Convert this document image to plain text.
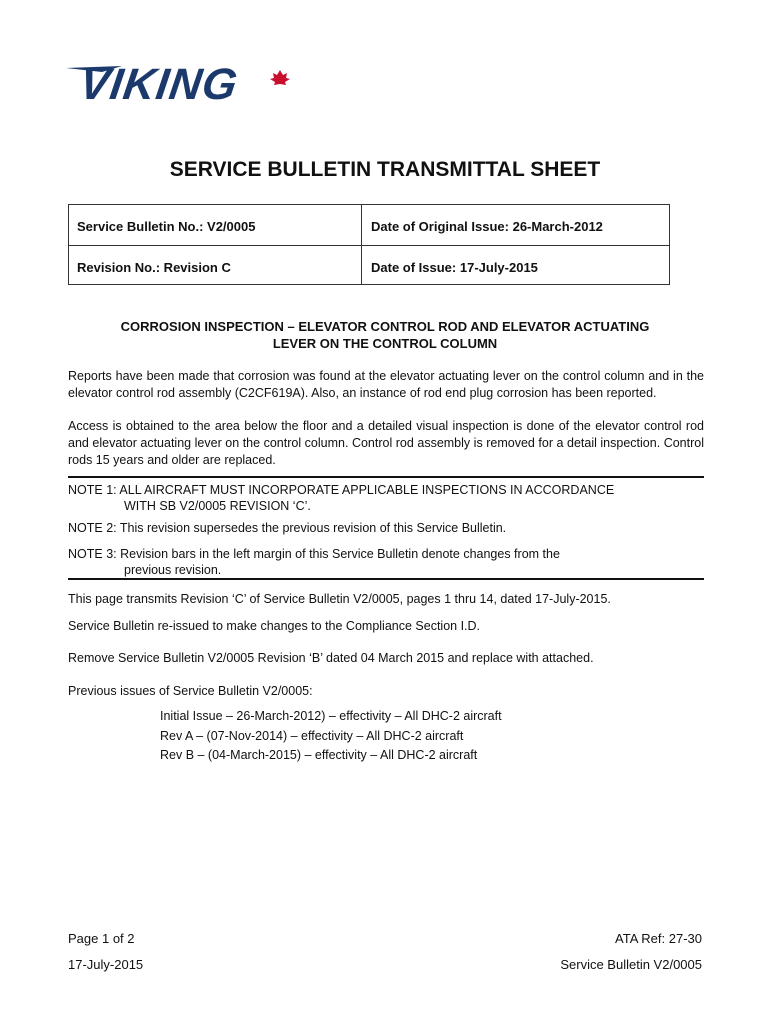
VIKING
SERVICE BULLETIN TRANSMITTAL SHEET
Service Bulletin No.: V2/0005	Date of Original Issue: 26-March-2012
Revision No.: Revision C	Date of Issue: 17-July-2015
CORROSION INSPECTION – ELEVATOR CONTROL ROD AND ELEVATOR ACTUATING
LEVER ON THE CONTROL COLUMN
Reports have been made that corrosion was found at the elevator actuating lever on the control column and in the elevator control rod assembly (C2CF619A). Also, an instance of rod end plug corrosion has been reported.
Access is obtained to the area below the floor and a detailed visual inspection is done of the elevator control rod and elevator actuating lever on the control column. Control rod assembly is removed for a detail inspection. Control rods 15 years and older are replaced.
NOTE 1: ALL AIRCRAFT MUST INCORPORATE APPLICABLE INSPECTIONS IN ACCORDANCE
WITH SB V2/0005 REVISION ‘C’.
NOTE 2: This revision supersedes the previous revision of this Service Bulletin.
NOTE 3: Revision bars in the left margin of this Service Bulletin denote changes from the
previous revision.
This page transmits Revision ‘C’ of Service Bulletin V2/0005, pages 1 thru 14, dated 17-July-2015.
Service Bulletin re-issued to make changes to the Compliance Section I.D.
Remove Service Bulletin V2/0005 Revision ‘B’ dated 04 March 2015 and replace with attached.
Previous issues of Service Bulletin V2/0005:
Initial Issue – 26-March-2012) – effectivity – All DHC-2 aircraft
Rev A – (07-Nov-2014) – effectivity – All DHC-2 aircraft
Rev B – (04-March-2015) – effectivity – All DHC-2 aircraft
Page 1 of 2
17-July-2015
ATA Ref: 27-30
Service Bulletin V2/0005
